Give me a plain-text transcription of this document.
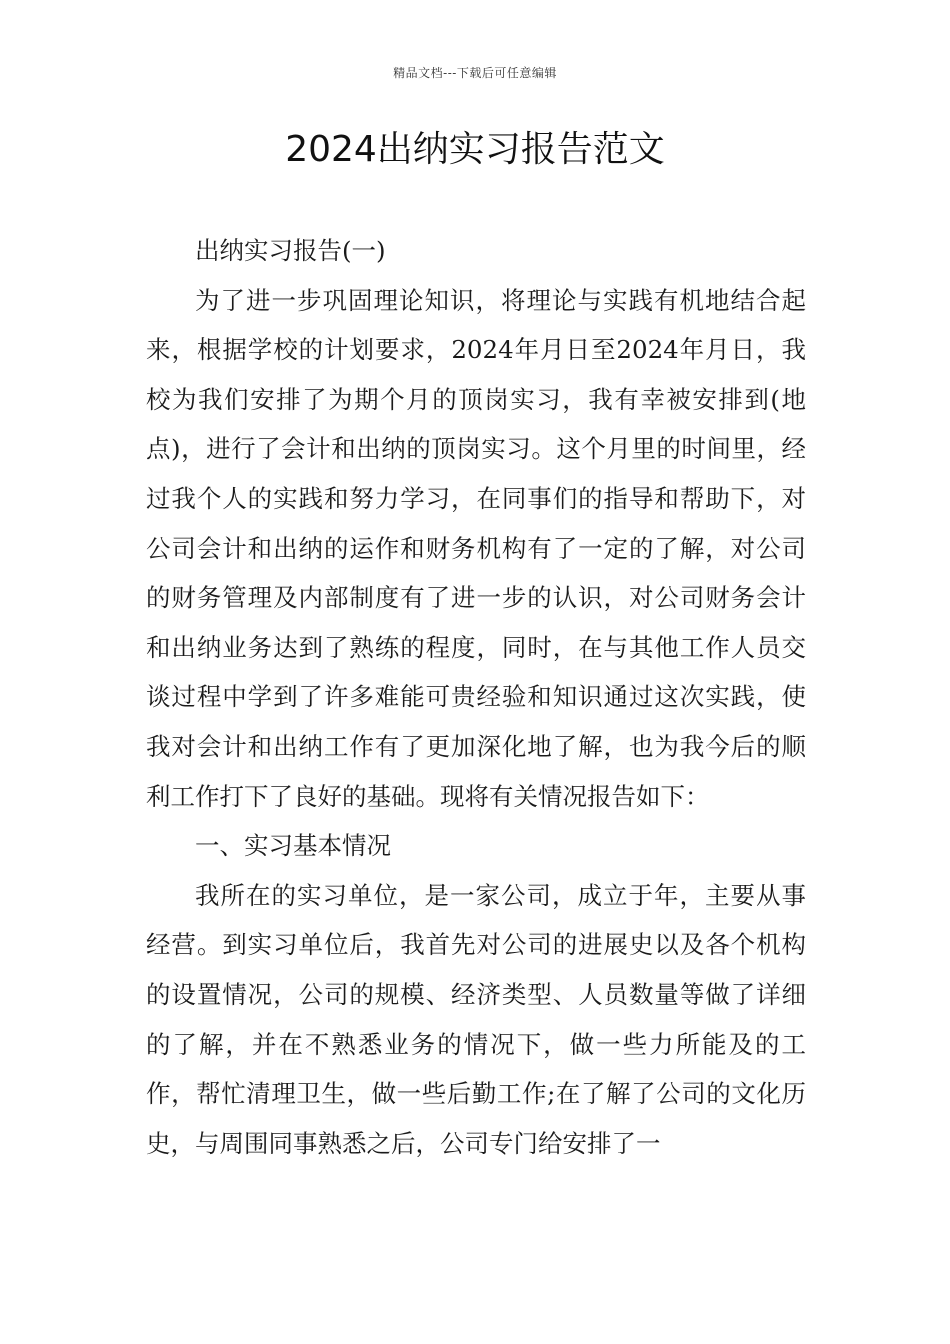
精品文档---下载后可任意编辑
2024出纳实习报告范文

出纳实习报告(一)

为了进一步巩固理论知识，将理论与实践有机地结合起来，根据学校的计划要求，2024年月日至2024年月日，我校为我们安排了为期个月的顶岗实习，我有幸被安排到(地点)，进行了会计和出纳的顶岗实习。这个月里的时间里，经过我个人的实践和努力学习，在同事们的指导和帮助下，对公司会计和出纳的运作和财务机构有了一定的了解，对公司的财务管理及内部制度有了进一步的认识，对公司财务会计和出纳业务达到了熟练的程度，同时，在与其他工作人员交谈过程中学到了许多难能可贵经验和知识通过这次实践，使我对会计和出纳工作有了更加深化地了解，也为我今后的顺利工作打下了良好的基础。现将有关情况报告如下：

一、实习基本情况

我所在的实习单位，是一家公司，成立于年，主要从事经营。到实习单位后，我首先对公司的进展史以及各个机构的设置情况，公司的规模、经济类型、人员数量等做了详细的了解，并在不熟悉业务的情况下，做一些力所能及的工作，帮忙清理卫生，做一些后勤工作;在了解了公司的文化历史，与周围同事熟悉之后，公司专门给安排了一
